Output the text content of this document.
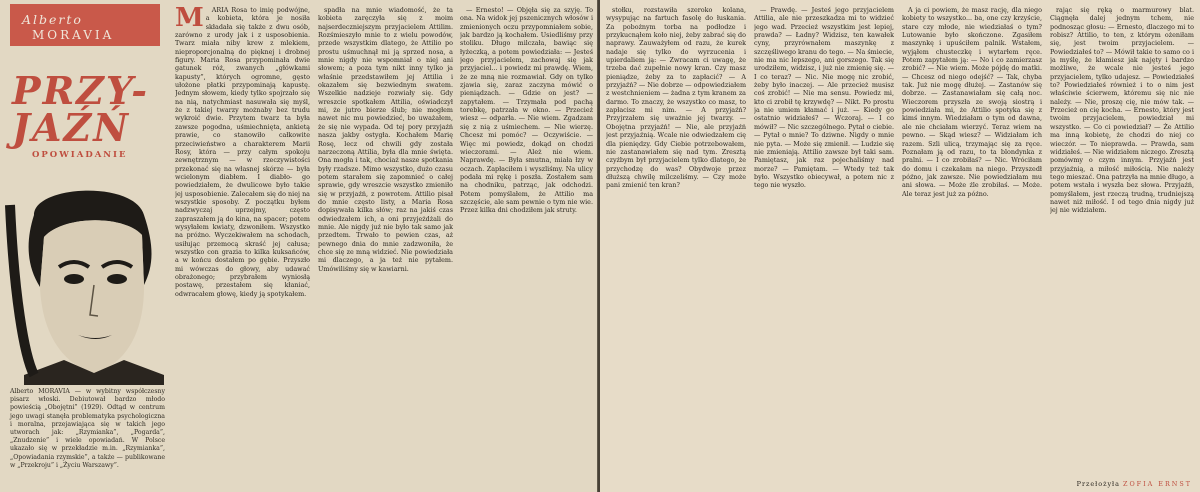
Alberto
MORAVIA
PRZY-
JAŹŃ
OPOWIADANIE
Alberto MORAVIA — w wybitny współczesny pisarz włoski. Debiutował bardzo młodo powieścią „Obojętni” (1929). Odtąd w centrum jego uwagi stanęła problematyka psychologiczna i moralna, przejawiająca się w takich jego utworach jak: „Rzymianka”, „Pogarda”, „Znudzenie” i wiele opowiadań. W Polsce ukazało się w przekładzie m.in. „Rzymianka”, „Opowiadania rzymskie”, a także — publikowane w „Przekroju” i „Życiu Warszawy”.
M	ARIA Rosa to imię podwójne, a kobieta, która je nosiła składała się także z dwu osób, zarówno z urody jak i z usposobienia. Twarz miała niby krew z mlekiem, nieproporcjonalną do pięknej i drobnej figury. Maria Rosa przypominała dwie gatunek róż, zwanych „główkami kapusty”, których ogromne, gęsto ułożone płatki przypominają kapustę. Jednym słowem, kiedy tylko spojrzało się na nią, natychmiast nasuwała się myśl, że z takiej twarzy możnaby bez trudu wykroić dwie. Przytem twarz ta była zawsze pogodna, uśmiechnięta, ankietą prawie, co stanowiło całkowite przeciwieństwo a charakterem Marii Rosy, która — przy całym spokoju zewnętrznym — w rzeczywistości przekonać się na własnej skórze — była wcielonym diabłem. I diabło- go powiedziałem, że dwulicowe było takie jej usposobienie. Zalecałem się do niej na wszystkie sposoby. Z początku byłem nadzwyczaj uprzejmy, często zapraszałem ją do kina, na spacer; potem wysyłałem kwiaty, dzwoniłem. Wszystko na próżno. Wyczekiwałem na schodach, usiłując przemocą skraść jej całusa; wszystko con grazia to kilka kuksańców, a w końcu dostałem po gębie. Przyszło mi wówczas do głowy, aby udawać obrażonego; przybrałem wyniosłą postawę, przestałem się kłaniać, odwracałem głowę, kiedy ją spotykałem.

spadła na mnie wiadomość, że ta kobieta zaręczyła się z moim najserdeczniejszym przyjacielem Attilim. Rozśmieszyło mnie to z wielu powodów, przede wszystkim dlatego, że Attilio po prostu uśmuchnął mi ją sprzed nosa, a mnie nigdy nie wspomniał o niej ani słowem; a poza tym nikt inny tylko ja właśnie przedstawiłem jej Attilia i okazałem się bezwiednym swatem. Wszelkie nadzieje rozwiały się. Gdy wreszcie spotkałem Attilia, oświadczył mi, że jutro bierze ślub; nie mogłem nawet nic mu powiedzieć, bo uważałem, że się nie wypada. Od tej pory przyjaźń nasza jakby ostygła. Kochałem Marię Rosę, lecz od chwili gdy została narzeczoną Attilia, była dla mnie święta. Ona mogła i tak, chociaż nasze spotkania były rzadsze. Mimo wszystko, dużo czasu potem starałem się zapomnieć o całej sprawie, gdy wreszcie wszystko zmieniło się w przyjaźń, z powrotem. Attilio pisał do mnie często listy, a Maria Rosa dopisywała kilka słów; raz na jakiś czas odwiedzałem ich, a oni przyjeżdżali do mnie. Ale nigdy już nie było tak samo jak przedtem. Trwało to pewien czas, aż pewnego dnia do mnie zadzwoniła, że chce się ze mną widzieć. Nie powiedziała mi dlaczego, a ja też nie pytałem. Umówiliśmy się w kawiarni.

— Ernesto! — Objęła się za szyję. To ona. Na widok jej pszenicznych włosów i zmienionych oczu przypomniałem sobie, jak bardzo ją kochałem. Usiedliśmy przy stoliku. Długo milczała, bawiąc się łyżeczką, a potem powiedziała: — Jesteś jego przyjacielem, zachowaj się jak przyjaciel... i powiedz mi prawdę. Wiem, że ze mną nie rozmawiał. Gdy on tylko zjawia się, zaraz zaczyna mówić o pieniądzach. — Gdzie on jest? — zapytałem. — Trzymała pod pachą torebkę, patrzała w okno. — Przecież wiesz — odparła. — Nie wiem. Zgadzam się z nią z uśmiechem. — Nie wierzę. Chcesz mi pomóc? — Oczywiście. — Więc mi powiedz, dokąd on chodzi wieczorami. — Ależ nie wiem. Naprawdę. — Była smutna, miała łzy w oczach. Zapłaciłem i wyszliśmy. Na ulicy podała mi rękę i poszła. Zostałem sam na chodniku, patrząc, jak odchodzi. Potem pomyślałem, że Attilio ma szczęście, ale sam pewnie o tym nie wie. Przez kilka dni chodziłem jak struty.

stołku, rozstawiła szeroko kolana, wysypując na fartuch fasolę do łuskania. Za pobożnym torba na podłodze i przykucnąłem koło niej, żeby zabrać się do naprawy. Zauważyłem od razu, że kurek nadaje się tylko do wyrzucenia i upierdaliem ją: — Zwracam ci uwagę, że trzeba dać zupełnie nowy kran. Czy masz pieniądze, żeby za to zapłacić? — A przyjaźń? — Nie dobrze — odpowiedziałem z westchnieniem — żadna z tym kranem za darmo. To znaczy, że wszystko co masz, to zapłacisz mi nim. — A przyjaźń? Przyjrzałem się uważnie jej twarzy. — Obojętna przyjaźń! — Nie, ale przyjaźń jest przyjaźnią. Wcale nie odwiedzałem cię dla pieniędzy. Gdy Ciebie potrzebowałem, nie zastanawiałem się nad tym. Zresztą czyżbym był przyjacielem tylko dlatego, że przychodzę do was? Obydwoje przez dłuższą chwilę milczeliśmy. — Czy może pani zmienić ten kran?

— Prawdę. — Jesteś jego przyjacielem Attilia, ale nie przeszkadza mi to widzieć jego wad. Przecież wszystkim jest lepiej, prawda? — Ładny? Widzisz, ten kawałek cyny, przyrównałem maszynkę z szczęśliwego kranu do tego. — Na śmiecie, nie ma nic lepszego, ani gorszego. Tak się urodziłem, widzisz, i już nie zmienię się. — I co teraz? — Nic. Nie mogę nic zrobić, żeby było inaczej. — Ale przecież musisz coś zrobić! — Nie ma sensu. Powiedz mi, kto ci zrobił tę krzywdę? — Nikt. Po prostu ja nie umiem kłamać i już. — Kiedy go ostatnio widziałeś? — Wczoraj. — I co mówił? — Nic szczególnego. Pytał o ciebie. — Pytał o mnie? To dziwne. Nigdy o mnie nie pyta. — Może się zmienił. — Ludzie się nie zmieniają. Attilio zawsze był taki sam. Pamiętasz, jak raz pojechaliśmy nad morze? — Pamiętam. — Wtedy też tak było. Wszystko obiecywał, a potem nic z tego nie wyszło.

A ja ci powiem, że masz rację, dla niego kobiety to wszystko... ba, one czy krzyście, stare czy młode, nie wiedziałaś o tym? Lutowanie było skończone. Zgasiłem maszynkę i upuściłem palnik. Wstałem, wyjąłem chusteczkę i wytarłem ręce. Potem zapytałem ją: — No i co zamierzasz zrobić? — Nie wiem. Może pójdę do matki. — Chcesz od niego odejść? — Tak, chyba tak. Już nie mogę dłużej. — Zastanów się dobrze. — Zastanawiałam się całą noc. Wieczorem przyszła ze swoją siostrą i powiedziała mi, że Attilio spotyka się z kimś innym. Wiedziałam o tym od dawna, ale nie chciałam wierzyć. Teraz wiem na pewno. — Skąd wiesz? — Widziałam ich razem. Szli ulicą, trzymając się za ręce. Poznałam ją od razu, to ta blondynka z pralni. — I co zrobiłaś? — Nic. Wróciłam do domu i czekałam na niego. Przyszedł późno, jak zawsze. Nie powiedziałam mu ani słowa. — Może źle zrobiłaś. — Może. Ale teraz jest już za późno.

rając się ręką o marmurowy blat. Ciągnęła dalej jednym tchem, nie podnosząc głosu: — Ernesto, dlaczego mi to robisz? Attilio, to ten, z którym ożeniłam się, jest twoim przyjacielem. — Powiedziałeś to? — Mówił takie to samo co i ja myślę, że kłamiesz jak najęty i bardzo możliwe, że wcale nie jesteś jego przyjacielem, tylko udajesz. — Powiedziałeś to? Powiedziałeś również i to o nim jest właściwie ścierwem, któremu się nic nie należy. — Nie, proszę cię, nie mów tak. — Przecież on cię kocha. — Ernesto, który jest twoim przyjacielem, powiedział mi wszystko. — Co ci powiedział? — Że Attilio ma inną kobietę, że chodzi do niej co wieczór. — To nieprawda. — Prawda, sam widziałeś. — Nie widziałem niczego. Zresztą pomówmy o czym innym. Przyjaźń jest przyjaźnią, a miłość miłością. Nie należy tego mieszać. Ona patrzyła na mnie długo, a potem wstała i wyszła bez słowa. Przyjaźń, pomyślałem, jest rzeczą trudną, trudniejszą nawet niż miłość. I od tego dnia nigdy już jej nie widziałem.

Przełożyła ZOFIA ERNST
